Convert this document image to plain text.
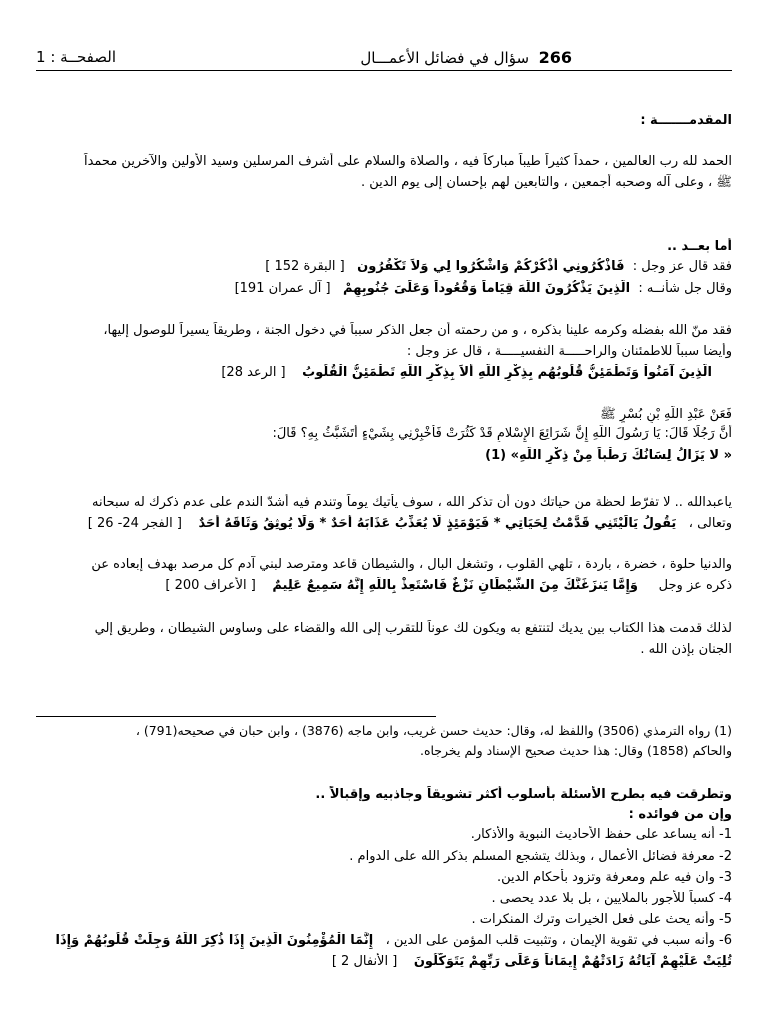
266  سؤال في فضائل الأعمـــال
الصفحــة : 1
المقدمـــــــة :
الحمد لله رب العالمين ، حمداً كثيراً طيباً مباركاً فيه ، والصلاة والسلام على أشرف المرسلين وسيد الأولين والآخرين محمداً
ﷺ ، وعلى آله وصحبه أجمعين ، والتابعين لهم بإحسان إلى يوم الدين .
أما بعــد ..
فقد قال عز وجل :  فَاذْكُرُونِي أَذْكُرْكُمْ وَاشْكُرُوا لِي وَلاَ تَكْفُرُون   [ البقرة 152 ]
وقال جل شأنــه :  الَّذِينَ يَذْكُرُونَ اللّهَ قِيَاماً وَقُعُوداً وَعَلَىَ جُنُوبِهِمْ   [ آل عمران 191]
فقد منّ الله بفضله وكرمه علينا بذكره ، و من رحمته أن جعل الذكر سبباً في دخول الجنة ، وطريقاً يسيراً للوصول إليها،
وأيضا سبباً للاطمئنان والراحـــــة النفسيـــــة ، قال عز وجل :
الَّذِينَ آمَنُواْ وَتَطْمَئِنُّ قُلُوبُهُم بِذِكْرِ اللّهِ أَلاَ بِذِكْرِ اللّهِ تَطْمَئِنُّ الْقُلُوبُ    [ الرعد 28]
فَعَنْ عَبْدِ اللَّهِ بْنِ بُسْرٍ ﷺ
أَنَّ رَجُلًا قَالَ: يَا رَسُولَ اللَّهِ إِنَّ شَرَائِعَ الإِسْلامِ قَدْ كَثُرَتْ فَأَخْبِرْنِي بِشَيْءٍ أَتَشَبَّثُ بِهِ؟ قَالَ:
« لا يَزَالُ لِسَانُكَ رَطْباً مِنْ ذِكْرِ اللَّهِ» (1)
ياعبدالله .. لا تفرّط لحظة من حياتك دون أن تذكر الله ، سوف يأتيك يوماً وتندم فيه أشدّ الندم على عدم ذكرك له سبحانه
وتعالى ،   يَقُولُ يَالَيْتَنِي قَدَّمْتُ لِحَيَاتِي * فَيَوْمَئِذٍ لَّا يُعَذِّبُ عَذَابَهُ أَحَدٌ * وَلَا يُوثِقُ وَثَاقَهُ أَحَدٌ    [ الفجر 24- 26 ]
والدنيا حلوة ، خضرة ، باردة ، تلهي القلوب ، وتشغل البال ، والشيطان قاعد ومترصد لبني آدم كل مرصد بهدف إبعاده عن
ذكره عز وجل     وَإِمَّا يَنزَغَنَّكَ مِنَ الشَّيْطَانِ نَزْغٌ فَاسْتَعِذْ بِاللّهِ إِنَّهُ سَمِيعٌ عَلِيمٌ    [ الأعراف 200 ]
لذلك قدمت هذا الكتاب بين يديك لتنتفع به ويكون لك عوناً للتقرب إلى الله والقضاء على وساوس الشيطان ، وطريق إلي
الجنان بإذن الله .
(1) رواه الترمذي (3506) واللفظ له، وقال: حديث حسن غريب، وابن ماجه (3876) ، وابن حبان في صحيحه(791) ،
والحاكم (1858) وقال: هذا حديث صحيح الإسناد ولم يخرجاه.
وتطرقت فيه بطرح الأسئلة بأسلوب أكثر تشويقاً وجاذبيه وإقبالاً ..
وإن من فوائده :
1- أنه يساعد على حفظ الأحاديث النبوية والأذكار.
2- معرفة فضائل الأعمال ، وبذلك يتشجع المسلم بذكر الله على الدوام .
3- وان فيه علم ومعرفة وتزود بأحكام الدين.
4- كسباً للأجور بالملايين ، بل بلا عدد يحصى .
5- وأنه يحث على فعل الخيرات وترك المنكرات .
6- وأنه سبب في تقوية الإيمان ، وتثبيت قلب المؤمن على الدين ،   إِنَّمَا الْمُؤْمِنُونَ الَّذِينَ إِذَا ذُكِرَ اللّهُ وَجِلَتْ قُلُوبُهُمْ وَإِذَا
تُلِيَتْ عَلَيْهِمْ آيَاتُهُ زَادَتْهُمْ إِيمَاناً وَعَلَى رَبِّهِمْ يَتَوَكَّلُونَ    [ الأنفال 2 ]
